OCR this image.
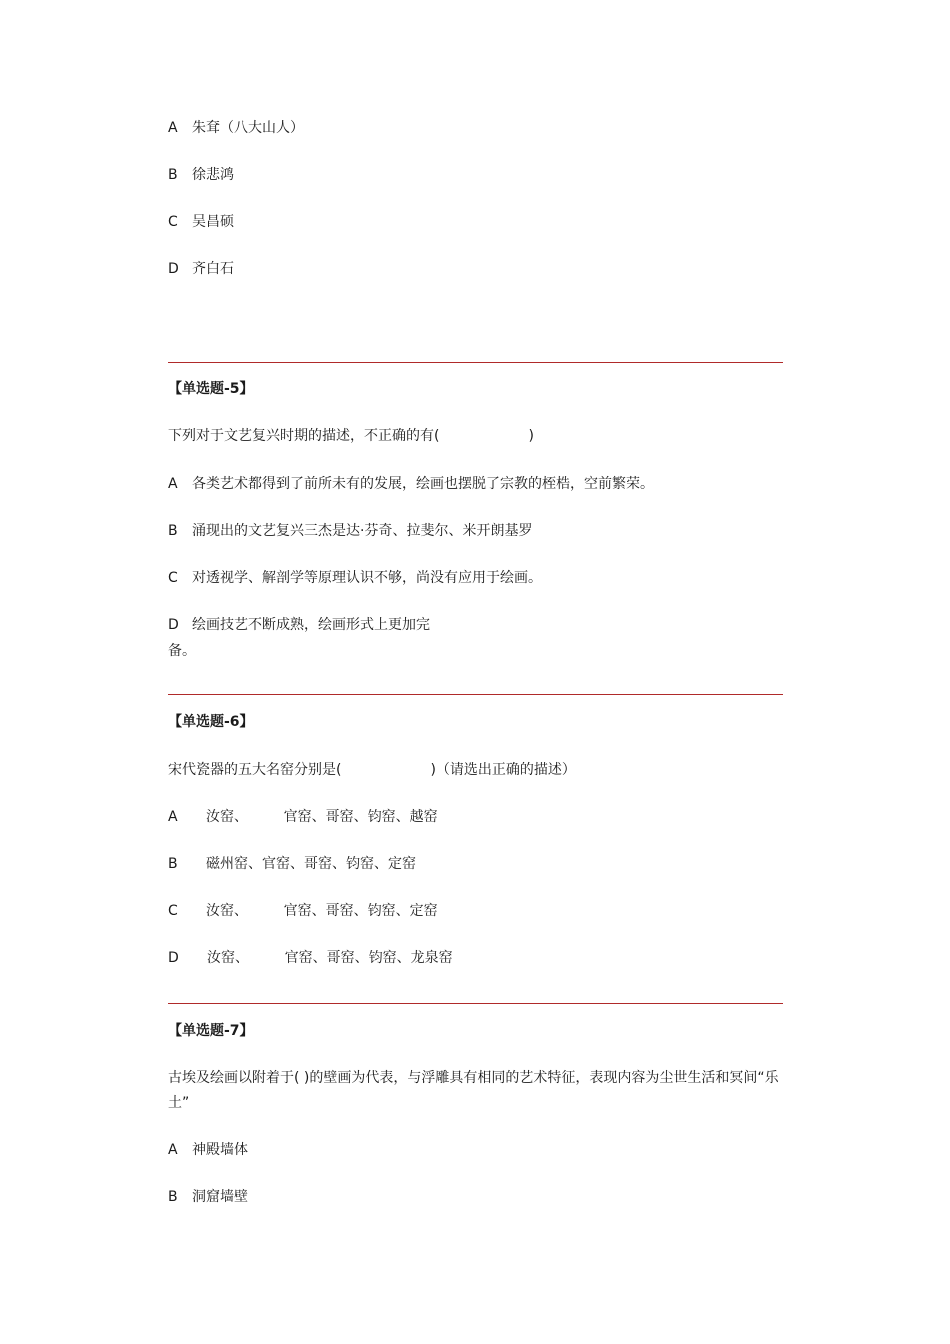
A 朱耷（八大山人）
B 徐悲鸿
C 吴昌硕
D 齐白石
【单选题-5】
下列对于文艺复兴时期的描述，不正确的有(                    )
A 各类艺术都得到了前所未有的发展，绘画也摆脱了宗教的桎梏，空前繁荣。
B 涌现出的文艺复兴三杰是达·芬奇、拉斐尔、米开朗基罗
C 对透视学、解剖学等原理认识不够，尚没有应用于绘画。
D 绘画技艺不断成熟，绘画形式上更加完
备。
【单选题-6】
宋代瓷器的五大名窑分别是(                    )（请选出正确的描述）
A 汝窑、        官窑、哥窑、钧窑、越窑
B 磁州窑、官窑、哥窑、钧窑、定窑
C 汝窑、        官窑、哥窑、钧窑、定窑
D 汝窑、        官窑、哥窑、钧窑、龙泉窑
【单选题-7】
古埃及绘画以附着于( )的壁画为代表，与浮雕具有相同的艺术特征，表现内容为尘世生活和冥间“乐土”
A 神殿墙体
B 洞窟墙壁
